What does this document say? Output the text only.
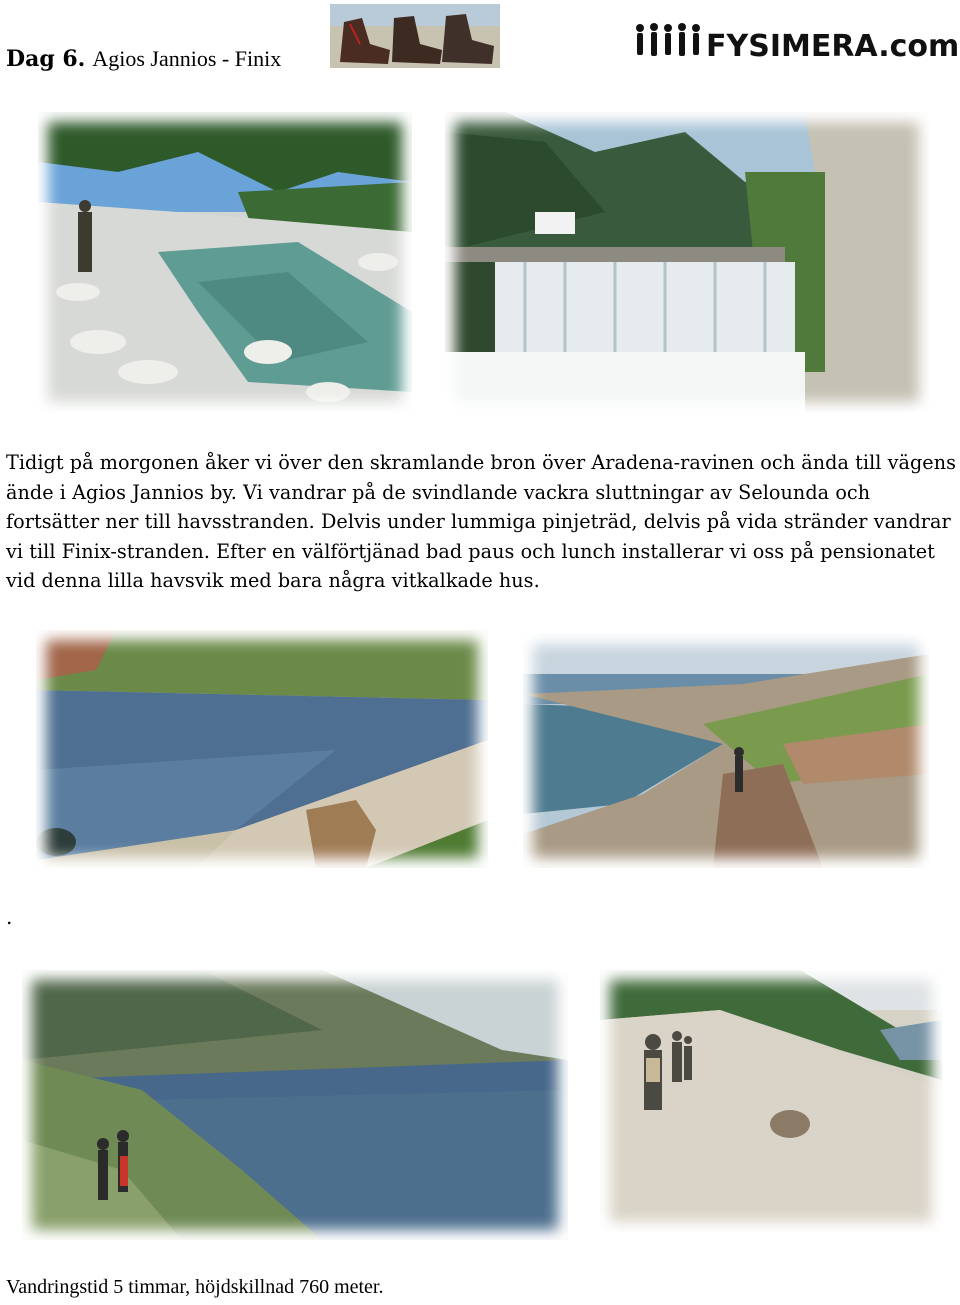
Dag 6. Agios Jannios - Finix	FYSIMERA.com
Tidigt på morgonen åker vi över den skramlande bron över Aradena-ravinen och ända till vägens ände i Agios Jannios by. Vi vandrar på de svindlande vackra sluttningar av Selounda och fortsätter ner till havsstranden. Delvis under lummiga pinjeträd, delvis på vida stränder vandrar vi till Finix-stranden. Efter en välförtjänad bad paus och lunch installerar vi oss på pensionatet vid denna lilla havsvik med bara några vitkalkade hus.
.
Vandringstid 5 timmar, höjdskillnad 760 meter.
